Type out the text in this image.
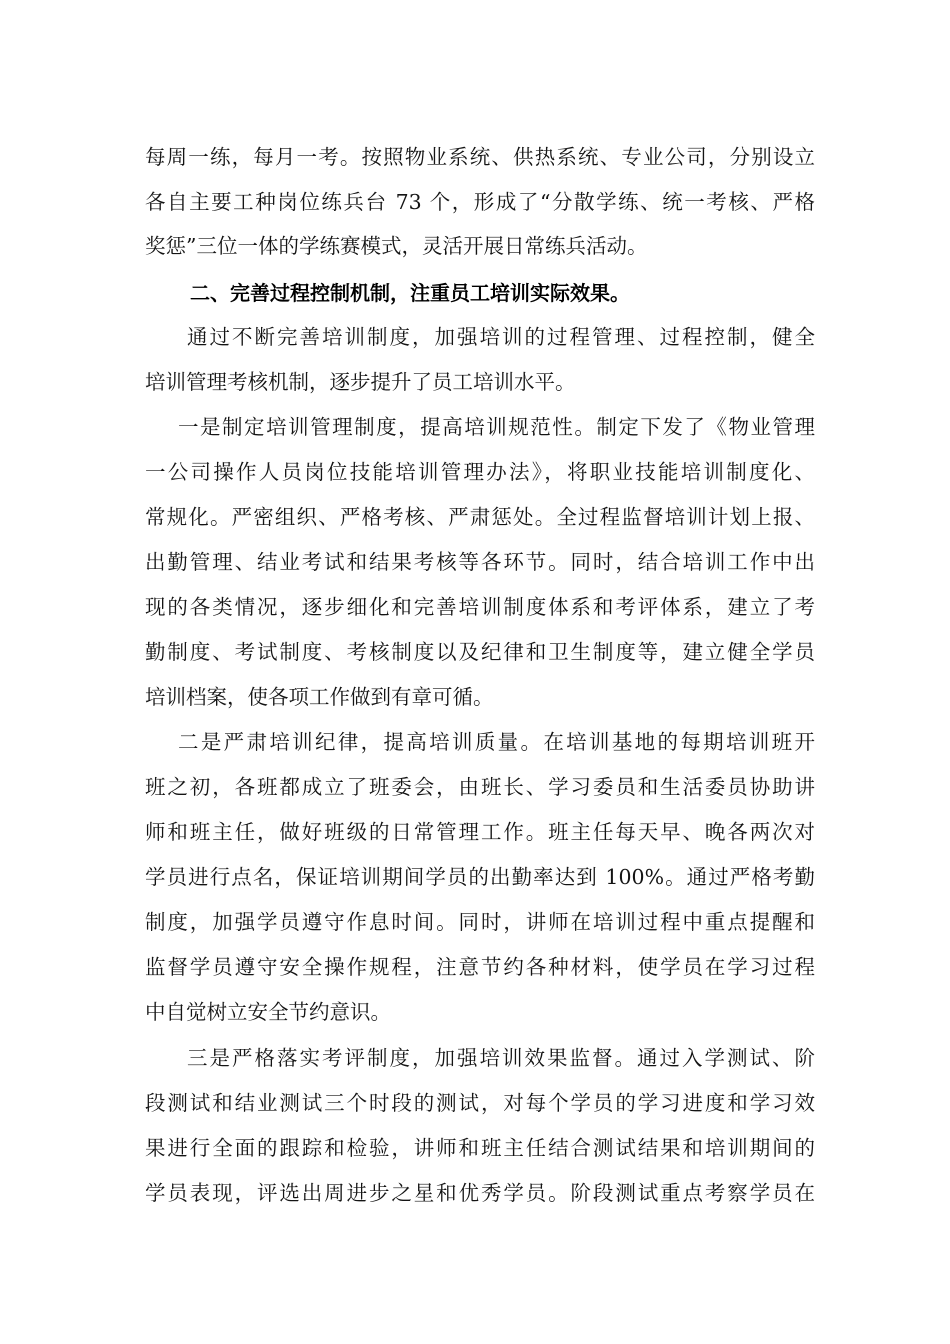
每周一练，每月一考。按照物业系统、供热系统、专业公司，分别设立
各自主要工种岗位练兵台 73 个，形成了“分散学练、统一考核、严格
奖惩”三位一体的学练赛模式，灵活开展日常练兵活动。
二、完善过程控制机制，注重员工培训实际效果。
通过不断完善培训制度，加强培训的过程管理、过程控制，健全
培训管理考核机制，逐步提升了员工培训水平。
一是制定培训管理制度，提高培训规范性。制定下发了《物业管理
一公司操作人员岗位技能培训管理办法》，将职业技能培训制度化、
常规化。严密组织、严格考核、严肃惩处。全过程监督培训计划上报、
出勤管理、结业考试和结果考核等各环节。同时，结合培训工作中出
现的各类情况，逐步细化和完善培训制度体系和考评体系，建立了考
勤制度、考试制度、考核制度以及纪律和卫生制度等，建立健全学员
培训档案，使各项工作做到有章可循。
二是严肃培训纪律，提高培训质量。在培训基地的每期培训班开
班之初，各班都成立了班委会，由班长、学习委员和生活委员协助讲
师和班主任，做好班级的日常管理工作。班主任每天早、晚各两次对
学员进行点名，保证培训期间学员的出勤率达到 100%。通过严格考勤
制度，加强学员遵守作息时间。同时，讲师在培训过程中重点提醒和
监督学员遵守安全操作规程，注意节约各种材料，使学员在学习过程
中自觉树立安全节约意识。
三是严格落实考评制度，加强培训效果监督。通过入学测试、阶
段测试和结业测试三个时段的测试，对每个学员的学习进度和学习效
果进行全面的跟踪和检验，讲师和班主任结合测试结果和培训期间的
学员表现，评选出周进步之星和优秀学员。阶段测试重点考察学员在
